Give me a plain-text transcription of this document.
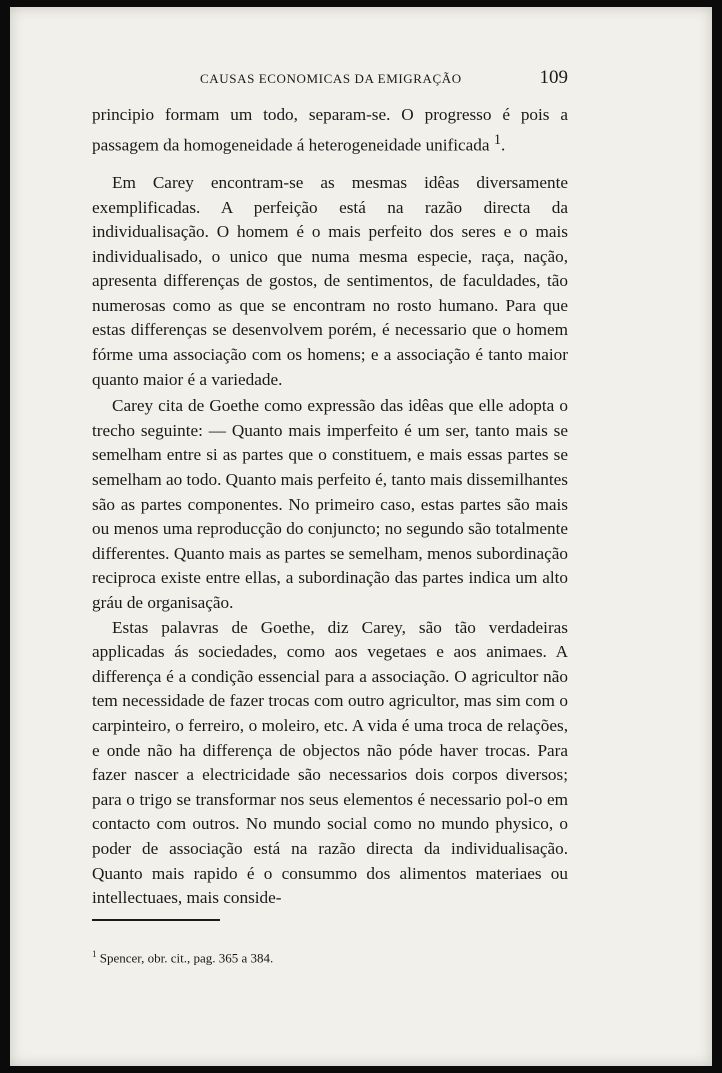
CAUSAS ECONOMICAS DA EMIGRAÇÃO	109

principio formam um todo, separam-se. O progresso é pois a passagem da homogeneidade á heterogeneidade unificada $^1$.

Em Carey encontram-se as mesmas idêas diversamente exemplificadas. A perfeição está na razão directa da individualisação. O homem é o mais perfeito dos seres e o mais individualisado, o unico que numa mesma especie, raça, nação, apresenta differenças de gostos, de sentimentos, de faculdades, tão numerosas como as que se encontram no rosto humano. Para que estas differenças se desenvolvem porém, é necessario que o homem fórme uma associação com os homens; e a associação é tanto maior quanto maior é a variedade.

Carey cita de Goethe como expressão das idêas que elle adopta o trecho seguinte: — Quanto mais imperfeito é um ser, tanto mais se semelham entre si as partes que o constituem, e mais essas partes se semelham ao todo. Quanto mais perfeito é, tanto mais dissemilhantes são as partes componentes. No primeiro caso, estas partes são mais ou menos uma reproducção do conjuncto; no segundo são totalmente differentes. Quanto mais as partes se semelham, menos subordinação reciproca existe entre ellas, a subordinação das partes indica um alto gráu de organisação.

Estas palavras de Goethe, diz Carey, são tão verdadeiras applicadas ás sociedades, como aos vegetaes e aos animaes. A differença é a condição essencial para a associação. O agricultor não tem necessidade de fazer trocas com outro agricultor, mas sim com o carpinteiro, o ferreiro, o moleiro, etc. A vida é uma troca de relações, e onde não ha differença de objectos não póde haver trocas. Para fazer nascer a electricidade são necessarios dois corpos diversos; para o trigo se transformar nos seus elementos é necessario pol-o em contacto com outros. No mundo social como no mundo physico, o poder de associação está na razão directa da individualisação. Quanto mais rapido é o consummo dos alimentos materiaes ou intellectuaes, mais conside-

$^1$ Spencer, obr. cit., pag. 365 a 384.
